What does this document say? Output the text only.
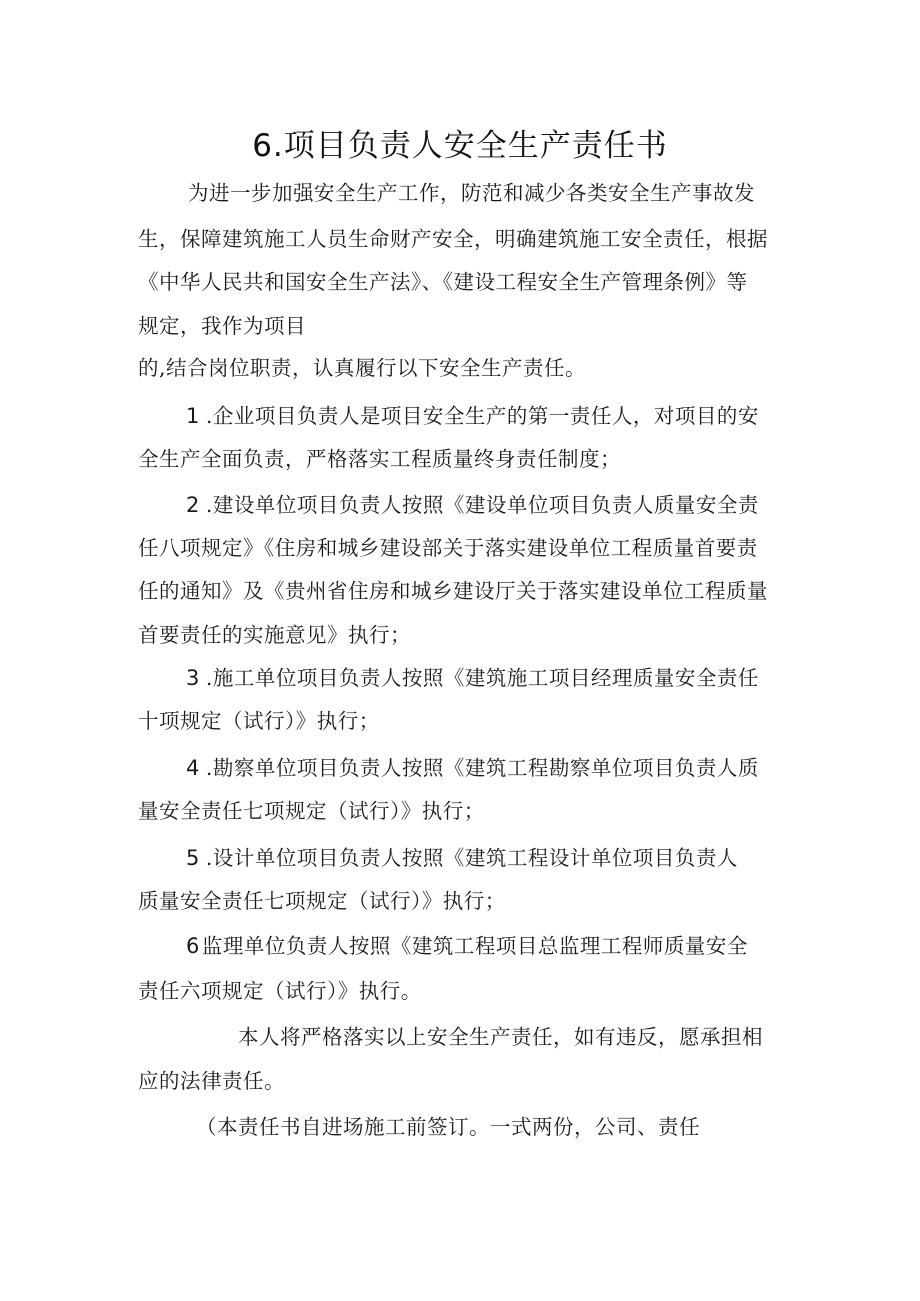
6.项目负责人安全生产责任书
为进一步加强安全生产工作，防范和减少各类安全生产事故发
生，保障建筑施工人员生命财产安全，明确建筑施工安全责任，根据
《中华人民共和国安全生产法》、《建设工程安全生产管理条例》等
规定，我作为项目
的,结合岗位职责，认真履行以下安全生产责任。
1 .企业项目负责人是项目安全生产的第一责任人，对项目的安
全生产全面负责，严格落实工程质量终身责任制度；
2 .建设单位项目负责人按照《建设单位项目负责人质量安全责
任八项规定》《住房和城乡建设部关于落实建设单位工程质量首要责
任的通知》及《贵州省住房和城乡建设厅关于落实建设单位工程质量
首要责任的实施意见》执行；
3 .施工单位项目负责人按照《建筑施工项目经理质量安全责任
十项规定（试行）》执行；
4 .勘察单位项目负责人按照《建筑工程勘察单位项目负责人质
量安全责任七项规定（试行）》执行；
5 .设计单位项目负责人按照《建筑工程设计单位项目负责人
质量安全责任七项规定（试行）》执行；
6监理单位负责人按照《建筑工程项目总监理工程师质量安全
责任六项规定（试行）》执行。
本人将严格落实以上安全生产责任，如有违反，愿承担相
应的法律责任。
（本责任书自进场施工前签订。一式两份，公司、责任
